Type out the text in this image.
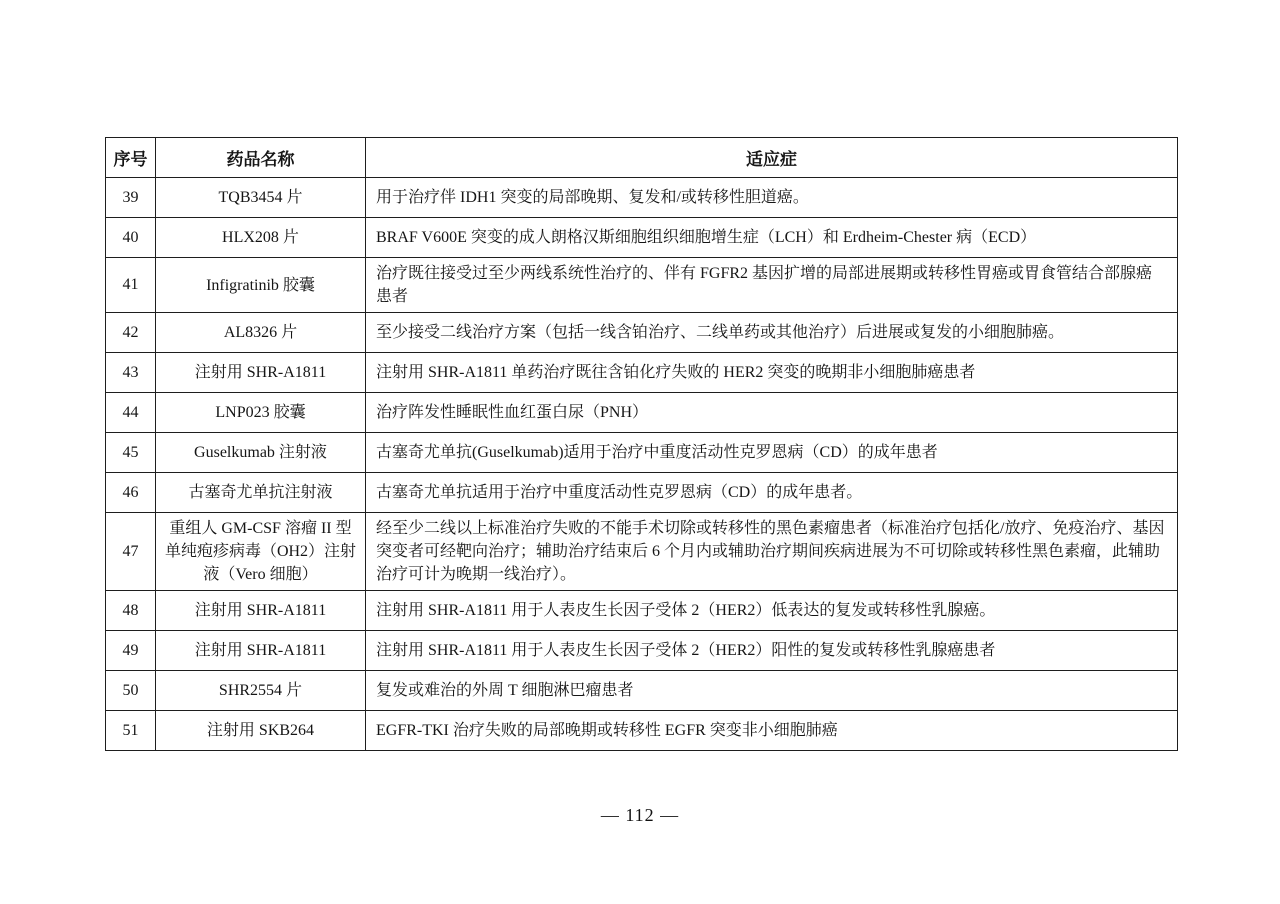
序号	药品名称	适应症
39	TQB3454 片	用于治疗伴 IDH1 突变的局部晚期、复发和/或转移性胆道癌。
40	HLX208 片	BRAF V600E 突变的成人朗格汉斯细胞组织细胞增生症（LCH）和 Erdheim-Chester 病（ECD）
41	Infigratinib 胶囊	治疗既往接受过至少两线系统性治疗的、伴有 FGFR2 基因扩增的局部进展期或转移性胃癌或胃食管结合部腺癌患者
42	AL8326 片	至少接受二线治疗方案（包括一线含铂治疗、二线单药或其他治疗）后进展或复发的小细胞肺癌。
43	注射用 SHR-A1811	注射用 SHR-A1811 单药治疗既往含铂化疗失败的 HER2 突变的晚期非小细胞肺癌患者
44	LNP023 胶囊	治疗阵发性睡眠性血红蛋白尿（PNH）
45	Guselkumab 注射液	古塞奇尤单抗(Guselkumab)适用于治疗中重度活动性克罗恩病（CD）的成年患者
46	古塞奇尤单抗注射液	古塞奇尤单抗适用于治疗中重度活动性克罗恩病（CD）的成年患者。
47	重组人 GM-CSF 溶瘤 II 型单纯疱疹病毒（OH2）注射液（Vero 细胞）	经至少二线以上标准治疗失败的不能手术切除或转移性的黑色素瘤患者（标准治疗包括化/放疗、免疫治疗、基因突变者可经靶向治疗；辅助治疗结束后 6 个月内或辅助治疗期间疾病进展为不可切除或转移性黑色素瘤，此辅助治疗可计为晚期一线治疗）。
48	注射用 SHR-A1811	注射用 SHR-A1811 用于人表皮生长因子受体 2（HER2）低表达的复发或转移性乳腺癌。
49	注射用 SHR-A1811	注射用 SHR-A1811 用于人表皮生长因子受体 2（HER2）阳性的复发或转移性乳腺癌患者
50	SHR2554 片	复发或难治的外周 T 细胞淋巴瘤患者
51	注射用 SKB264	EGFR-TKI 治疗失败的局部晚期或转移性 EGFR 突变非小细胞肺癌
— 112 —
